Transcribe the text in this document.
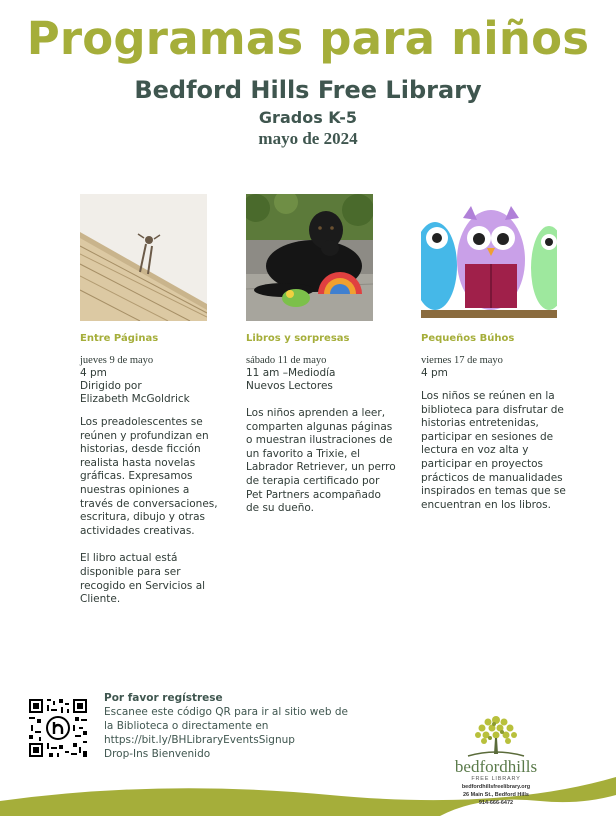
Programas para niños
Bedford Hills Free Library
Grados K-5
mayo de 2024
Entre Páginas
jueves 9 de mayo
4 pm
Dirigido por
Elizabeth McGoldrick
Los preadolescentes se reúnen y profundizan en historias, desde ficción realista hasta novelas gráficas. Expresamos nuestras opiniones a través de conversaciones, escritura, dibujo y otras actividades creativas.
El libro actual está disponible para ser recogido en Servicios al Cliente.
Libros y sorpresas
sábado 11 de mayo
11 am –Mediodía
Nuevos Lectores
Los niños aprenden a leer, comparten algunas páginas o muestran ilustraciones de un favorito a Trixie, el Labrador Retriever, un perro de terapia certificado por Pet Partners acompañado de su dueño.
Pequeños Búhos
viernes 17 de mayo
4 pm
Los niños se reúnen en la biblioteca para disfrutar de historias entretenidas, participar en sesiones de lectura en voz alta y participar en proyectos prácticos de manualidades inspirados en temas que se encuentran en los libros.
Por favor regístrese
Escanee este código QR para ir al sitio web de
la Biblioteca o directamente en
https://bit.ly/BHLibraryEventsSignup
Drop-Ins Bienvenido
bedfordhills
FREE LIBRARY
bedfordhillsfreelibrary.org
26 Main St., Bedford Hills
914-666-6472
